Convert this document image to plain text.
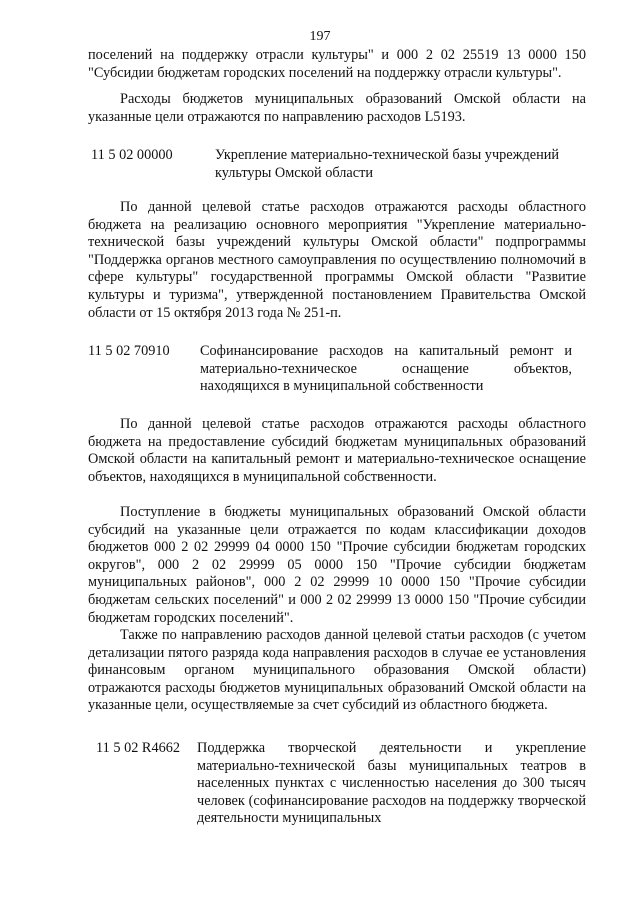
197

поселений на поддержку отрасли культуры" и 000 2 02 25519 13 0000 150 "Субсидии бюджетам городских поселений на поддержку отрасли культуры".

Расходы бюджетов муниципальных образований Омской области на указанные цели отражаются по направлению расходов L5193.

11 5 02 00000	Укрепление материально-технической базы учреждений культуры Омской области

По данной целевой статье расходов отражаются расходы областного бюджета на реализацию основного мероприятия "Укрепление материально-технической базы учреждений культуры Омской области" подпрограммы "Поддержка органов местного самоуправления по осуществлению полномочий в сфере культуры" государственной программы Омской области "Развитие культуры и туризма", утвержденной постановлением Правительства Омской области от 15 октября 2013 года № 251-п.

11 5 02 70910 Софинансирование расходов на капитальный ремонт и материально-техническое оснащение объектов, находящихся в муниципальной собственности

По данной целевой статье расходов отражаются расходы областного бюджета на предоставление субсидий бюджетам муниципальных образований Омской области на капитальный ремонт и материально-техническое оснащение объектов, находящихся в муниципальной собственности.

Поступление в бюджеты муниципальных образований Омской области субсидий на указанные цели отражается по кодам классификации доходов бюджетов 000 2 02 29999 04 0000 150 "Прочие субсидии бюджетам городских округов", 000 2 02 29999 05 0000 150 "Прочие субсидии бюджетам муниципальных районов", 000 2 02 29999 10 0000 150 "Прочие субсидии бюджетам сельских поселений" и 000 2 02 29999 13 0000 150 "Прочие субсидии бюджетам городских поселений".

Также по направлению расходов данной целевой статьи расходов (с учетом детализации пятого разряда кода направления расходов в случае ее установления финансовым органом муниципального образования Омской области) отражаются расходы бюджетов муниципальных образований Омской области на указанные цели, осуществляемые за счет субсидий из областного бюджета.

11 5 02 R4662 Поддержка творческой деятельности и укрепление материально-технической базы муниципальных театров в населенных пунктах с численностью населения до 300 тысяч человек (софинансирование расходов на поддержку творческой деятельности муниципальных
